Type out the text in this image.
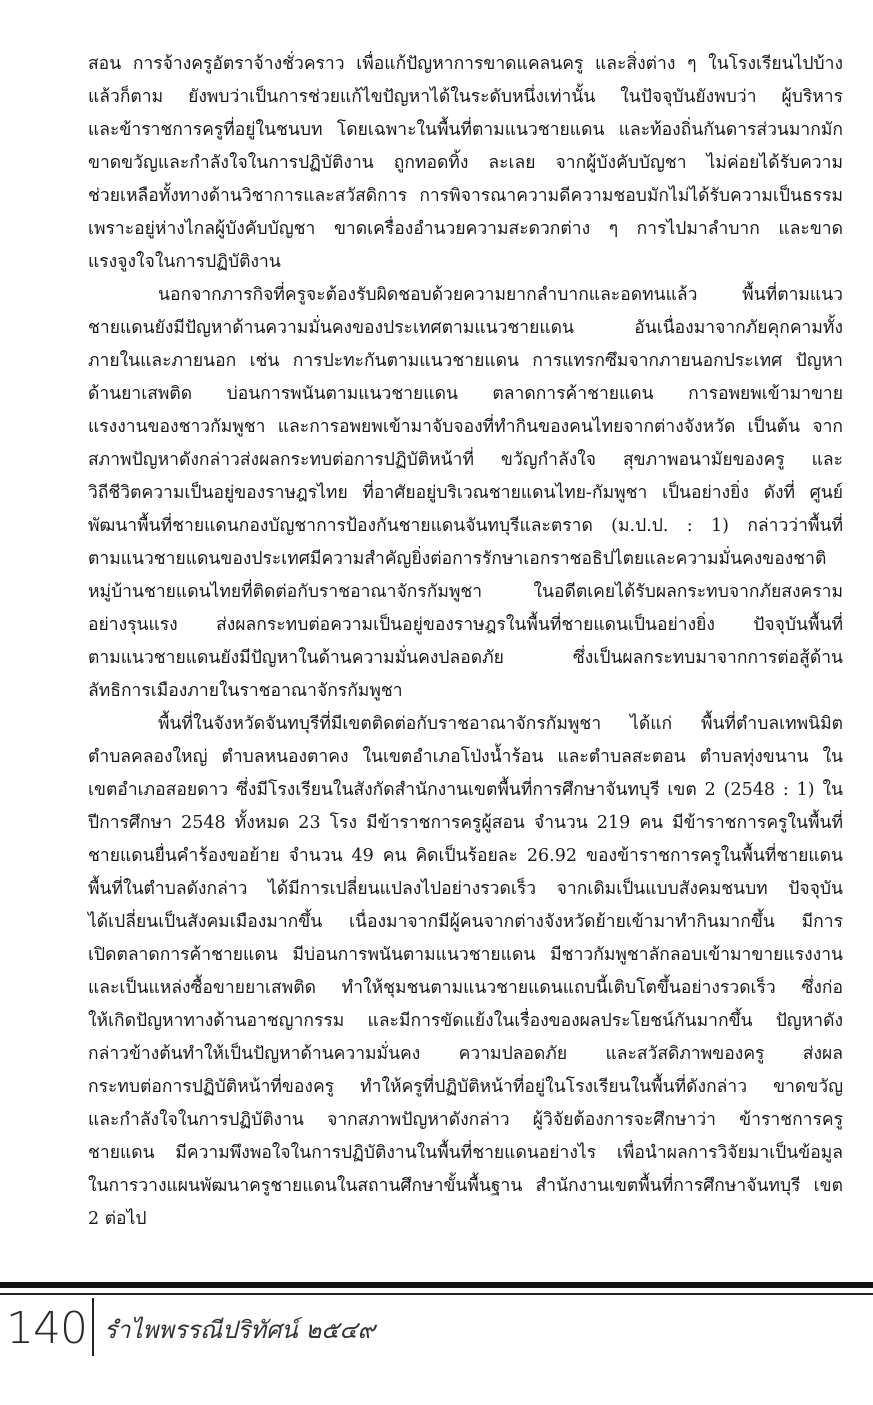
สอน การจ้างครูอัตราจ้างชั่วคราว เพื่อแก้ปัญหาการขาดแคลนครู และสิ่งต่าง ๆ ในโรงเรียนไปบ้าง
แล้วก็ตาม ยังพบว่าเป็นการช่วยแก้ไขปัญหาได้ในระดับหนึ่งเท่านั้น ในปัจจุบันยังพบว่า ผู้บริหาร
และข้าราชการครูที่อยู่ในชนบท โดยเฉพาะในพื้นที่ตามแนวชายแดน และท้องถิ่นกันดารส่วนมากมัก
ขาดขวัญและกำลังใจในการปฏิบัติงาน ถูกทอดทิ้ง ละเลย จากผู้บังคับบัญชา ไม่ค่อยได้รับความ
ช่วยเหลือทั้งทางด้านวิชาการและสวัสดิการ การพิจารณาความดีความชอบมักไม่ได้รับความเป็นธรรม
เพราะอยู่ห่างไกลผู้บังคับบัญชา ขาดเครื่องอำนวยความสะดวกต่าง ๆ การไปมาลำบาก และขาด
แรงจูงใจในการปฏิบัติงาน
นอกจากภารกิจที่ครูจะต้องรับผิดชอบด้วยความยากลำบากและอดทนแล้ว พื้นที่ตามแนว
ชายแดนยังมีปัญหาด้านความมั่นคงของประเทศตามแนวชายแดน อันเนื่องมาจากภัยคุกคามทั้ง
ภายในและภายนอก เช่น การปะทะกันตามแนวชายแดน การแทรกซึมจากภายนอกประเทศ ปัญหา
ด้านยาเสพติด บ่อนการพนันตามแนวชายแดน ตลาดการค้าชายแดน การอพยพเข้ามาขาย
แรงงานของชาวกัมพูชา และการอพยพเข้ามาจับจองที่ทำกินของคนไทยจากต่างจังหวัด เป็นต้น จาก
สภาพปัญหาดังกล่าวส่งผลกระทบต่อการปฏิบัติหน้าที่ ขวัญกำลังใจ สุขภาพอนามัยของครู และ
วิถีชีวิตความเป็นอยู่ของราษฎรไทย ที่อาศัยอยู่บริเวณชายแดนไทย-กัมพูชา เป็นอย่างยิ่ง ดังที่ ศูนย์
พัฒนาพื้นที่ชายแดนกองบัญชาการป้องกันชายแดนจันทบุรีและตราด (ม.ป.ป. : 1) กล่าวว่าพื้นที่
ตามแนวชายแดนของประเทศมีความสำคัญยิ่งต่อการรักษาเอกราชอธิปไตยและความมั่นคงของชาติ
หมู่บ้านชายแดนไทยที่ติดต่อกับราชอาณาจักรกัมพูชา ในอดีตเคยได้รับผลกระทบจากภัยสงคราม
อย่างรุนแรง ส่งผลกระทบต่อความเป็นอยู่ของราษฎรในพื้นที่ชายแดนเป็นอย่างยิ่ง ปัจจุบันพื้นที่
ตามแนวชายแดนยังมีปัญหาในด้านความมั่นคงปลอดภัย ซึ่งเป็นผลกระทบมาจากการต่อสู้ด้าน
ลัทธิการเมืองภายในราชอาณาจักรกัมพูชา
พื้นที่ในจังหวัดจันทบุรีที่มีเขตติดต่อกับราชอาณาจักรกัมพูชา ได้แก่ พื้นที่ตำบลเทพนิมิต
ตำบลคลองใหญ่ ตำบลหนองตาคง ในเขตอำเภอโป่งน้ำร้อน และตำบลสะตอน ตำบลทุ่งขนาน ใน
เขตอำเภอสอยดาว ซึ่งมีโรงเรียนในสังกัดสำนักงานเขตพื้นที่การศึกษาจันทบุรี เขต 2 (2548 : 1) ใน
ปีการศึกษา 2548 ทั้งหมด 23 โรง มีข้าราชการครูผู้สอน จำนวน 219 คน มีข้าราชการครูในพื้นที่
ชายแดนยื่นคำร้องขอย้าย จำนวน 49 คน คิดเป็นร้อยละ 26.92 ของข้าราชการครูในพื้นที่ชายแดน
พื้นที่ในตำบลดังกล่าว ได้มีการเปลี่ยนแปลงไปอย่างรวดเร็ว จากเดิมเป็นแบบสังคมชนบท ปัจจุบัน
ได้เปลี่ยนเป็นสังคมเมืองมากขึ้น เนื่องมาจากมีผู้คนจากต่างจังหวัดย้ายเข้ามาทำกินมากขึ้น มีการ
เปิดตลาดการค้าชายแดน มีบ่อนการพนันตามแนวชายแดน มีชาวกัมพูชาลักลอบเข้ามาขายแรงงาน
และเป็นแหล่งซื้อขายยาเสพติด ทำให้ชุมชนตามแนวชายแดนแถบนี้เติบโตขึ้นอย่างรวดเร็ว ซึ่งก่อ
ให้เกิดปัญหาทางด้านอาชญากรรม และมีการขัดแย้งในเรื่องของผลประโยชน์กันมากขึ้น ปัญหาดัง
กล่าวข้างต้นทำให้เป็นปัญหาด้านความมั่นคง ความปลอดภัย และสวัสดิภาพของครู ส่งผล
กระทบต่อการปฏิบัติหน้าที่ของครู ทำให้ครูที่ปฏิบัติหน้าที่อยู่ในโรงเรียนในพื้นที่ดังกล่าว ขาดขวัญ
และกำลังใจในการปฏิบัติงาน จากสภาพปัญหาดังกล่าว ผู้วิจัยต้องการจะศึกษาว่า ข้าราชการครู
ชายแดน มีความพึงพอใจในการปฏิบัติงานในพื้นที่ชายแดนอย่างไร เพื่อนำผลการวิจัยมาเป็นข้อมูล
ในการวางแผนพัฒนาครูชายแดนในสถานศึกษาขั้นพื้นฐาน สำนักงานเขตพื้นที่การศึกษาจันทบุรี เขต
2 ต่อไป
140 รำไพพรรณีปริทัศน์ ๒๕๔๙
